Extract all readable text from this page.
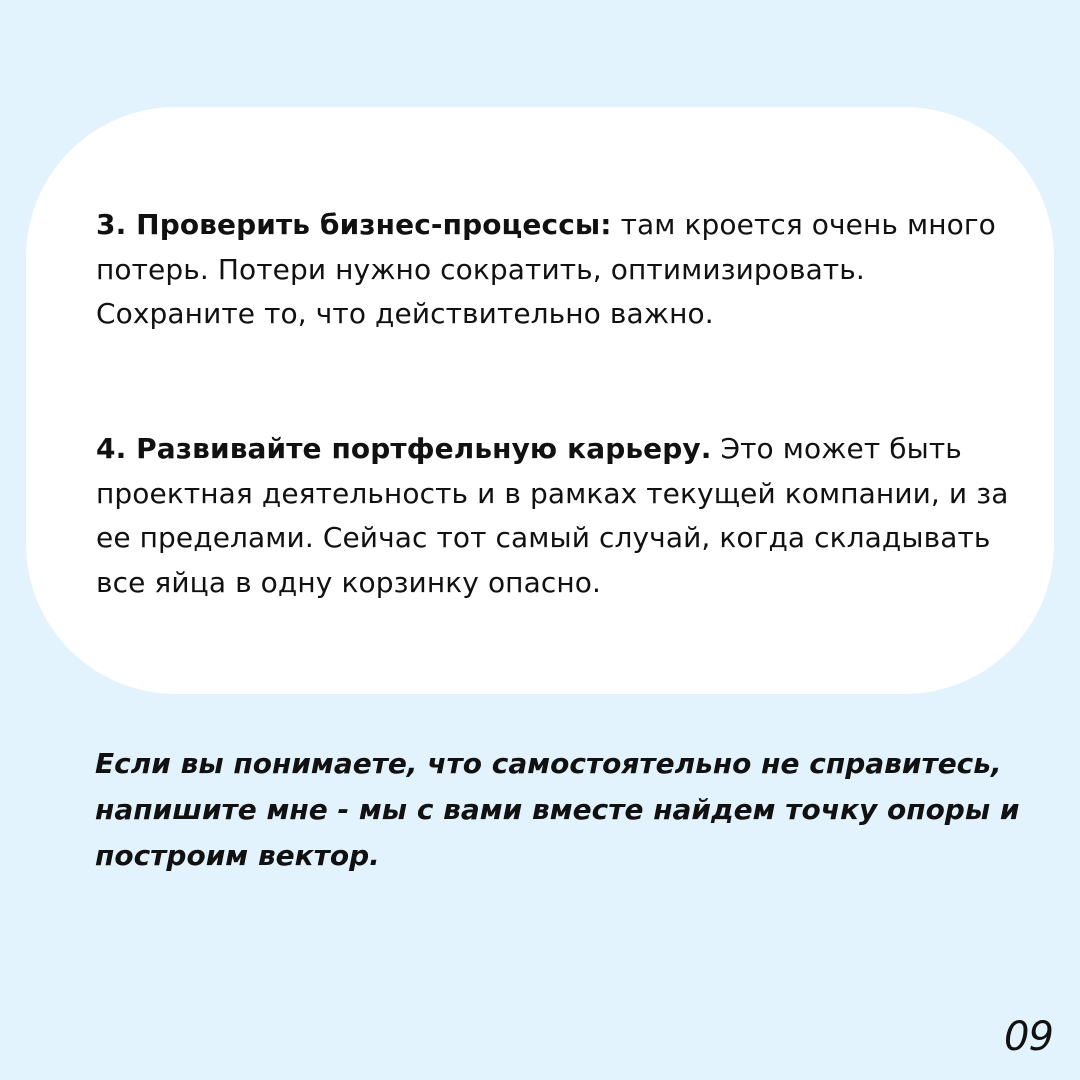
3. Проверить бизнес-процессы: там кроется очень много потерь. Потери нужно сократить, оптимизировать. Сохраните то, что действительно важно.

4. Развивайте портфельную карьеру. Это может быть проектная деятельность и в рамках текущей компании, и за ее пределами. Сейчас тот самый случай, когда складывать все яйца в одну корзинку опасно.

Если вы понимаете, что самостоятельно не справитесь, напишите мне - мы с вами вместе найдем точку опоры и построим вектор.

09
